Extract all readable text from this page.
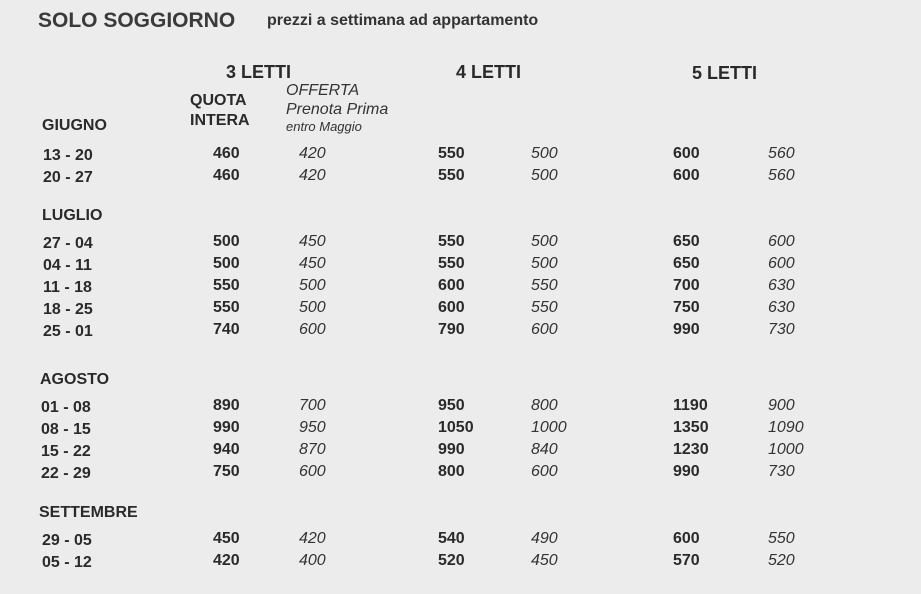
SOLO SOGGIORNO prezzi a settimana ad appartamento
3 LETTI	4 LETTI	5 LETTI
QUOTA
INTERA
OFFERTA
Prenota Prima
entro Maggio
GIUGNO
13 - 20	460	420	550	500	600	560
20 - 27	460	420	550	500	600	560
LUGLIO
27 - 04	500	450	550	500	650	600
04 - 11	500	450	550	500	650	600
11 - 18	550	500	600	550	700	630
18 - 25	550	500	600	550	750	630
25 - 01	740	600	790	600	990	730
AGOSTO
01 - 08	890	700	950	800	1190	900
08 - 15	990	950	1050	1000	1350	1090
15 - 22	940	870	990	840	1230	1000
22 - 29	750	600	800	600	990	730
SETTEMBRE
29 - 05	450	420	540	490	600	550
05 - 12	420	400	520	450	570	520
